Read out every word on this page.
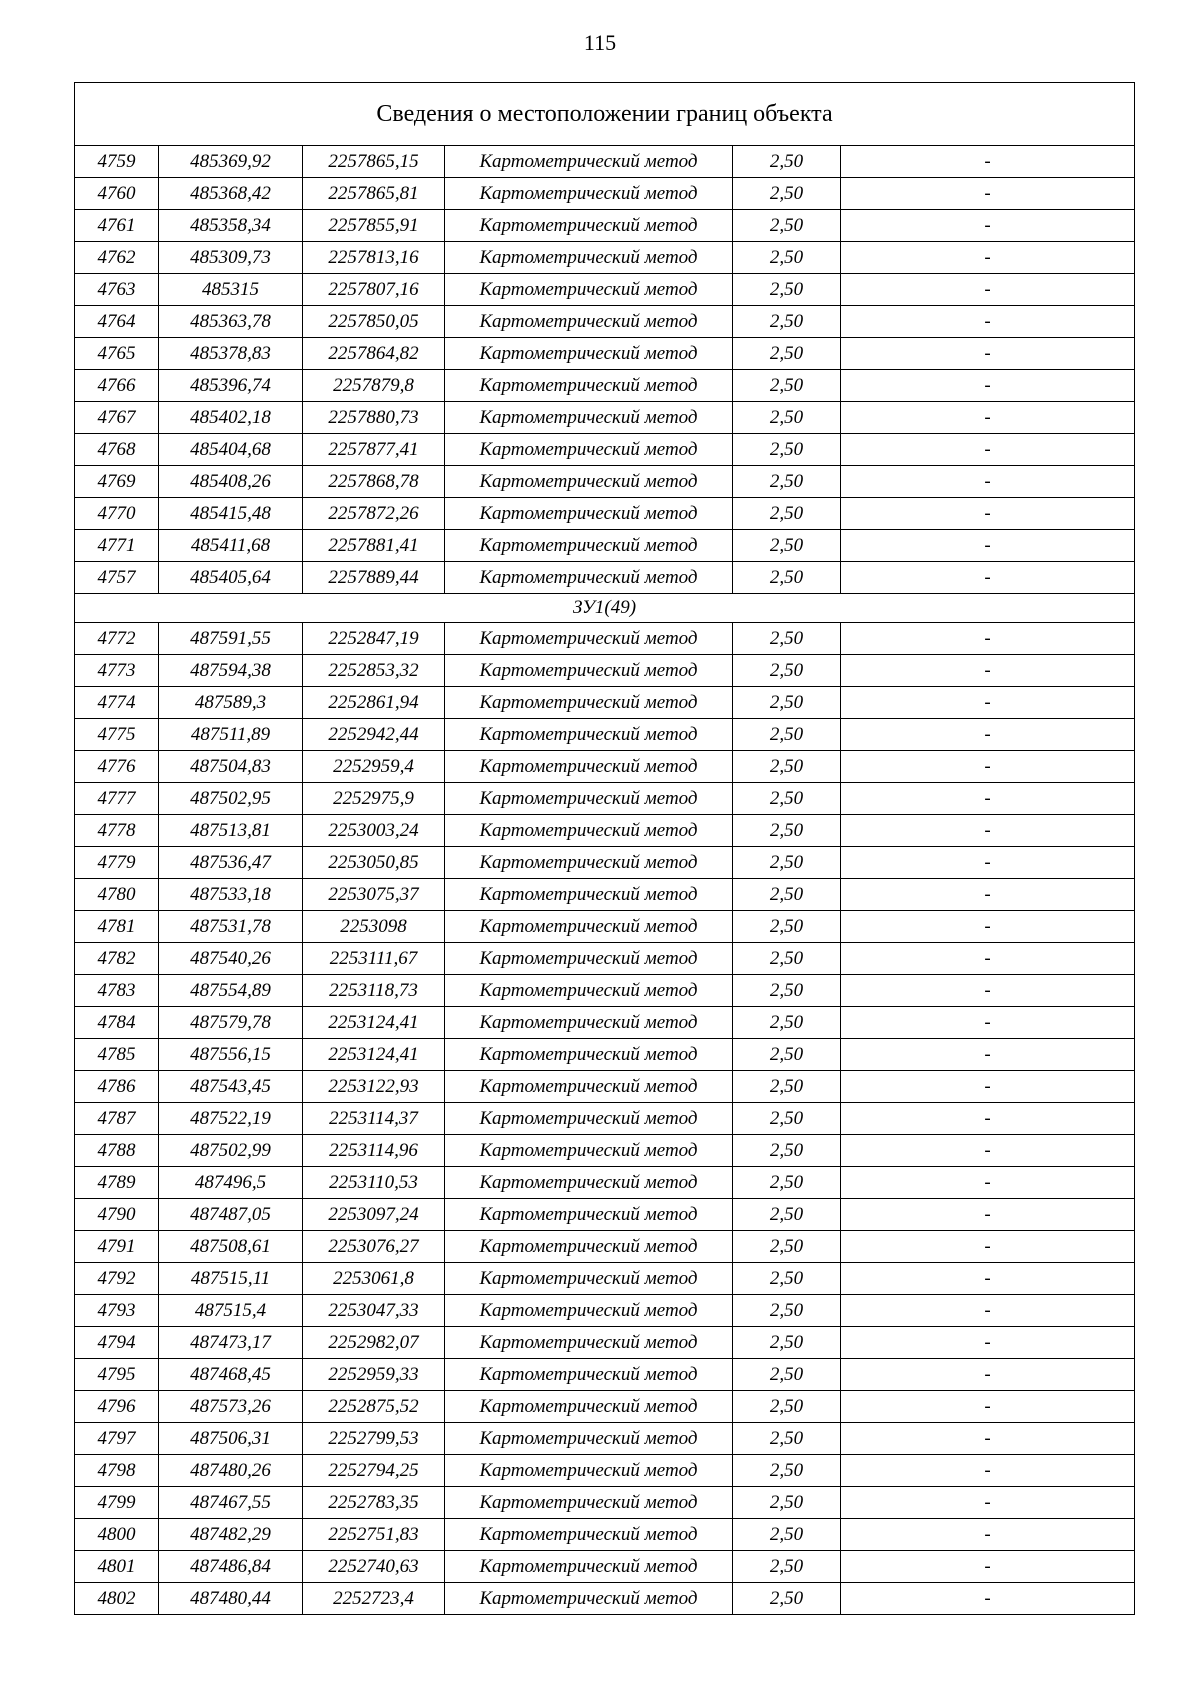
115
Сведения о местоположении границ объекта					
4759	485369,92	2257865,15	Картометрический метод	2,50	-
4760	485368,42	2257865,81	Картометрический метод	2,50	-
4761	485358,34	2257855,91	Картометрический метод	2,50	-
4762	485309,73	2257813,16	Картометрический метод	2,50	-
4763	485315	2257807,16	Картометрический метод	2,50	-
4764	485363,78	2257850,05	Картометрический метод	2,50	-
4765	485378,83	2257864,82	Картометрический метод	2,50	-
4766	485396,74	2257879,8	Картометрический метод	2,50	-
4767	485402,18	2257880,73	Картометрический метод	2,50	-
4768	485404,68	2257877,41	Картометрический метод	2,50	-
4769	485408,26	2257868,78	Картометрический метод	2,50	-
4770	485415,48	2257872,26	Картометрический метод	2,50	-
4771	485411,68	2257881,41	Картометрический метод	2,50	-
4757	485405,64	2257889,44	Картометрический метод	2,50	-
ЗУ1(49)					
4772	487591,55	2252847,19	Картометрический метод	2,50	-
4773	487594,38	2252853,32	Картометрический метод	2,50	-
4774	487589,3	2252861,94	Картометрический метод	2,50	-
4775	487511,89	2252942,44	Картометрический метод	2,50	-
4776	487504,83	2252959,4	Картометрический метод	2,50	-
4777	487502,95	2252975,9	Картометрический метод	2,50	-
4778	487513,81	2253003,24	Картометрический метод	2,50	-
4779	487536,47	2253050,85	Картометрический метод	2,50	-
4780	487533,18	2253075,37	Картометрический метод	2,50	-
4781	487531,78	2253098	Картометрический метод	2,50	-
4782	487540,26	2253111,67	Картометрический метод	2,50	-
4783	487554,89	2253118,73	Картометрический метод	2,50	-
4784	487579,78	2253124,41	Картометрический метод	2,50	-
4785	487556,15	2253124,41	Картометрический метод	2,50	-
4786	487543,45	2253122,93	Картометрический метод	2,50	-
4787	487522,19	2253114,37	Картометрический метод	2,50	-
4788	487502,99	2253114,96	Картометрический метод	2,50	-
4789	487496,5	2253110,53	Картометрический метод	2,50	-
4790	487487,05	2253097,24	Картометрический метод	2,50	-
4791	487508,61	2253076,27	Картометрический метод	2,50	-
4792	487515,11	2253061,8	Картометрический метод	2,50	-
4793	487515,4	2253047,33	Картометрический метод	2,50	-
4794	487473,17	2252982,07	Картометрический метод	2,50	-
4795	487468,45	2252959,33	Картометрический метод	2,50	-
4796	487573,26	2252875,52	Картометрический метод	2,50	-
4797	487506,31	2252799,53	Картометрический метод	2,50	-
4798	487480,26	2252794,25	Картометрический метод	2,50	-
4799	487467,55	2252783,35	Картометрический метод	2,50	-
4800	487482,29	2252751,83	Картометрический метод	2,50	-
4801	487486,84	2252740,63	Картометрический метод	2,50	-
4802	487480,44	2252723,4	Картометрический метод	2,50	-
